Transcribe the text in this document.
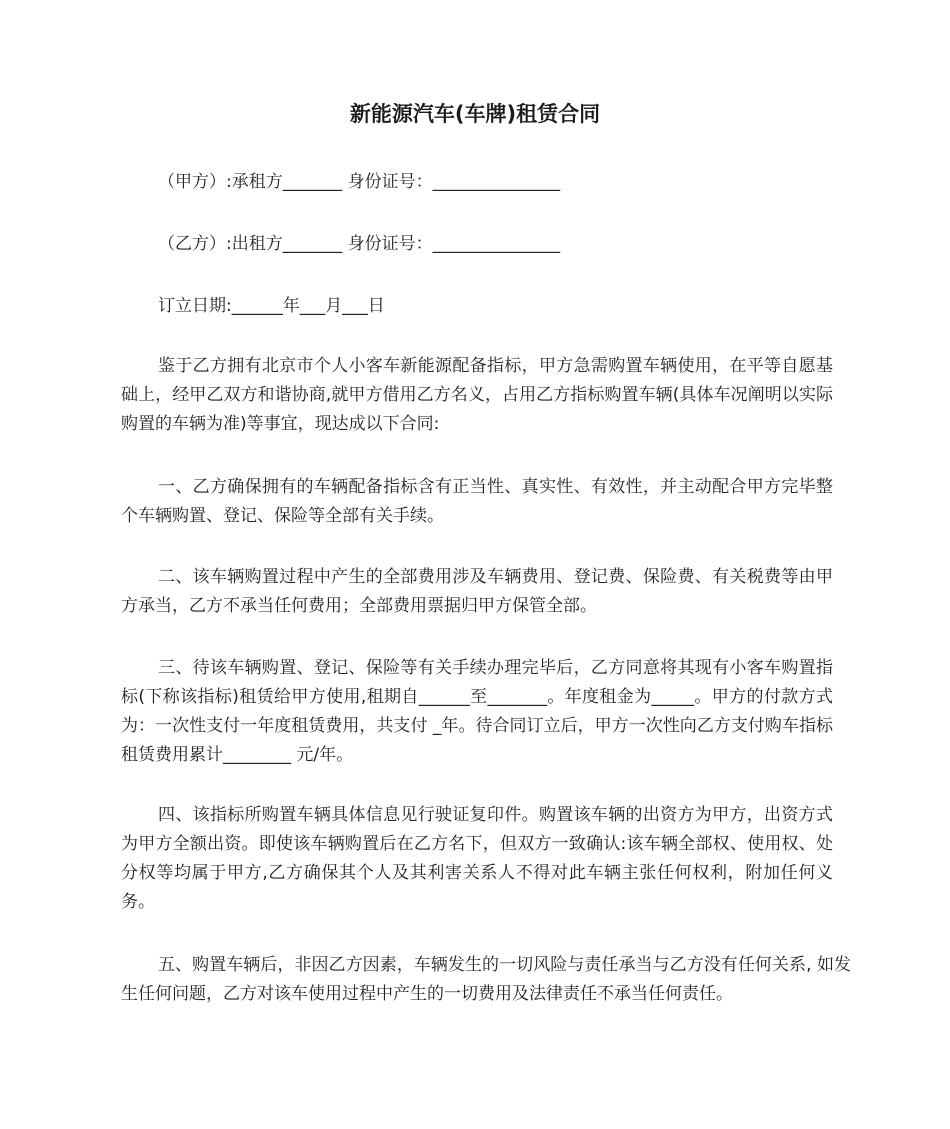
新能源汽车(车牌)租赁合同
（甲方）:承租方_______ 身份证号：_______________
（乙方）:出租方_______ 身份证号：_______________
订立日期:______年___月___日

鉴于乙方拥有北京市个人小客车新能源配备指标，甲方急需购置车辆使用，在平等自愿基础上，经甲乙双方和谐协商,就甲方借用乙方名义，占用乙方指标购置车辆(具体车况阐明以实际购置的车辆为准)等事宜，现达成以下合同:

一、乙方确保拥有的车辆配备指标含有正当性、真实性、有效性，并主动配合甲方完毕整个车辆购置、登记、保险等全部有关手续。

二、该车辆购置过程中产生的全部费用涉及车辆费用、登记费、保险费、有关税费等由甲方承当，乙方不承当任何费用；全部费用票据归甲方保管全部。

三、待该车辆购置、登记、保险等有关手续办理完毕后，乙方同意将其现有小客车购置指标(下称该指标)租赁给甲方使用,租期自______至_______。年度租金为_____。甲方的付款方式为：一次性支付一年度租赁费用，共支付 _年。待合同订立后，甲方一次性向乙方支付购车指标租赁费用累计________ 元/年。

四、该指标所购置车辆具体信息见行驶证复印件。购置该车辆的出资方为甲方，出资方式为甲方全额出资。即使该车辆购置后在乙方名下，但双方一致确认:该车辆全部权、使用权、处分权等均属于甲方,乙方确保其个人及其利害关系人不得对此车辆主张任何权利，附加任何义务。

五、购置车辆后，非因乙方因素，车辆发生的一切风险与责任承当与乙方没有任何关系, 如发生任何问题，乙方对该车使用过程中产生的一切费用及法律责任不承当任何责任。
